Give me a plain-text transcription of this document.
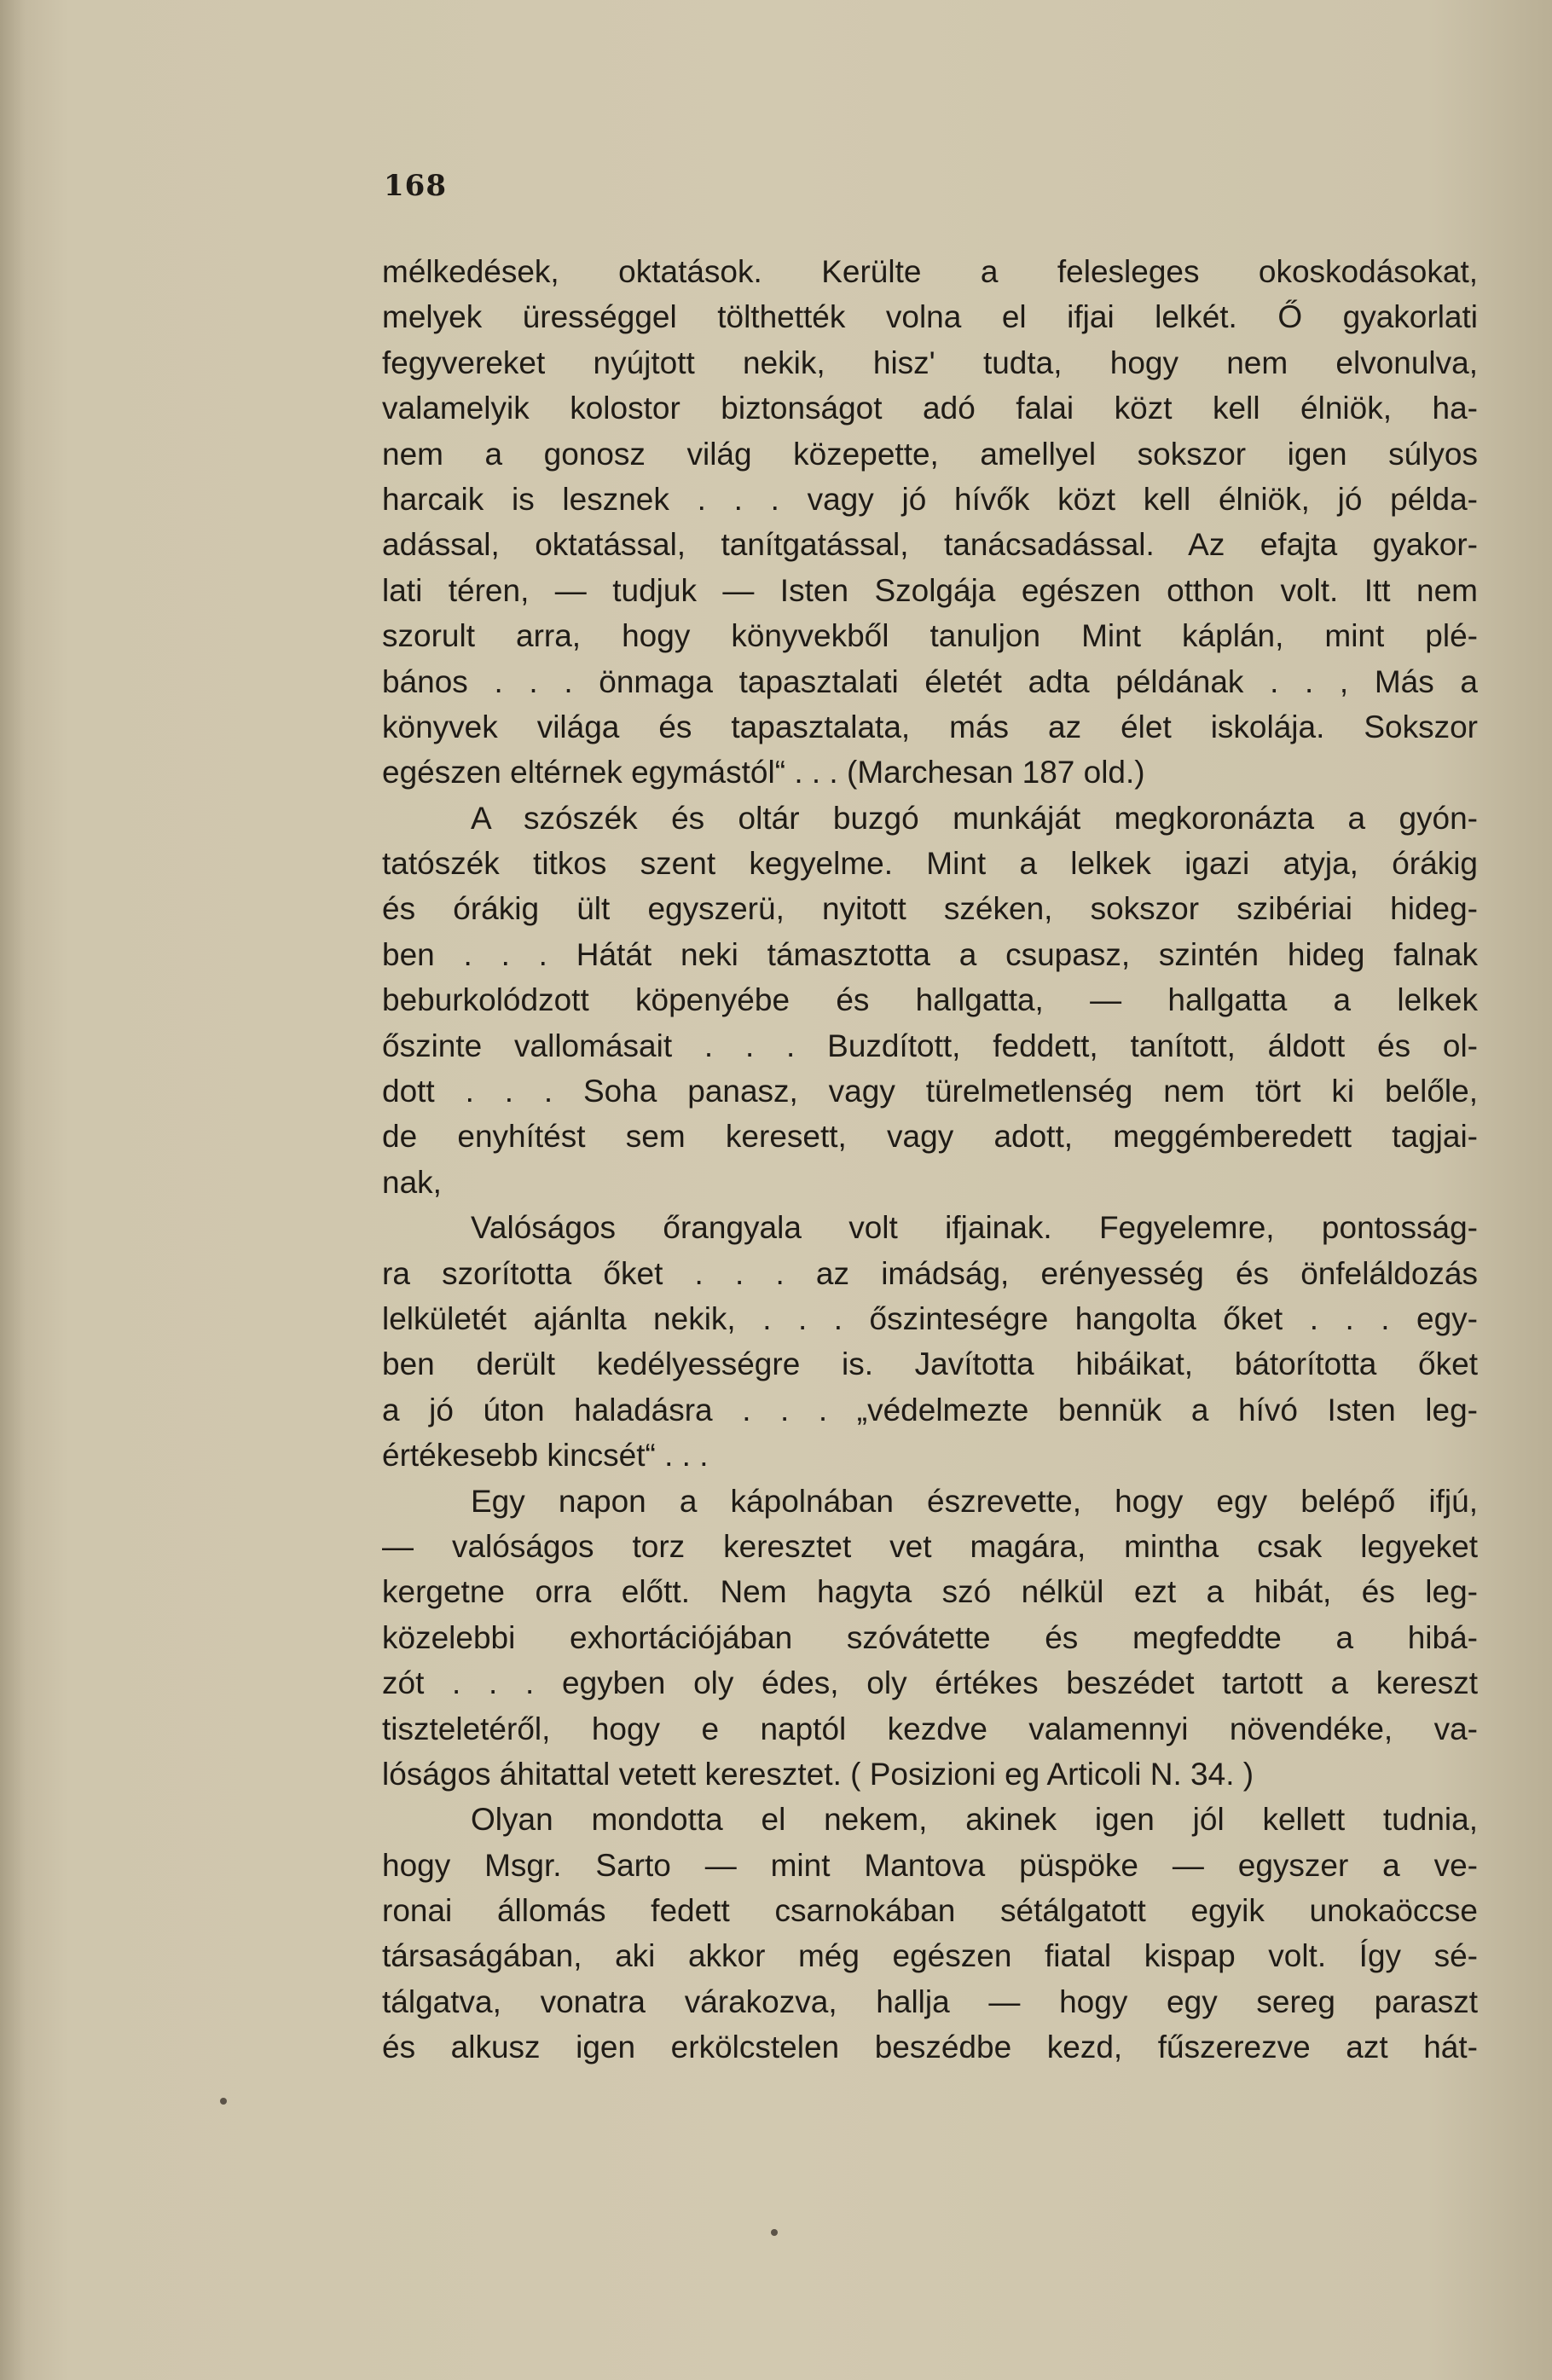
168
mélkedések, oktatások. Kerülte a felesleges okoskodásokat,
melyek ürességgel tölthették volna el ifjai lelkét. Ő gyakorlati
fegyvereket nyújtott nekik, hisz' tudta, hogy nem elvonulva,
valamelyik kolostor biztonságot adó falai közt kell élniök, ha-
nem a gonosz világ közepette, amellyel sokszor igen súlyos
harcaik is lesznek . . . vagy jó hívők közt kell élniök, jó példa-
adással, oktatással, tanítgatással, tanácsadással. Az efajta gyakor-
lati téren, — tudjuk — Isten Szolgája egészen otthon volt. Itt nem
szorult arra, hogy könyvekből tanuljon Mint káplán, mint plé-
bános . . . önmaga tapasztalati életét adta példának . . , Más a
könyvek világa és tapasztalata, más az élet iskolája. Sokszor
egészen eltérnek egymástól“ . . . (Marchesan 187 old.)
A szószék és oltár buzgó munkáját megkoronázta a gyón-
tatószék titkos szent kegyelme. Mint a lelkek igazi atyja, órákig
és órákig ült egyszerü, nyitott széken, sokszor szibériai hideg-
ben . . . Hátát neki támasztotta a csupasz, szintén hideg falnak
beburkolódzott köpenyébe és hallgatta, — hallgatta a lelkek
őszinte vallomásait . . . Buzdított, feddett, tanított, áldott és ol-
dott . . . Soha panasz, vagy türelmetlenség nem tört ki belőle,
de enyhítést sem keresett, vagy adott, meggémberedett tagjai-
nak,
Valóságos őrangyala volt ifjainak. Fegyelemre, pontosság-
ra szorította őket . . . az imádság, erényesség és önfeláldozás
lelkületét ajánlta nekik, . . . őszinteségre hangolta őket . . . egy-
ben derült kedélyességre is. Javította hibáikat, bátorította őket
a jó úton haladásra . . . „védelmezte bennük a hívó Isten leg-
értékesebb kincsét“ . . .
Egy napon a kápolnában észrevette, hogy egy belépő ifjú,
— valóságos torz keresztet vet magára, mintha csak legyeket
kergetne orra előtt. Nem hagyta szó nélkül ezt a hibát, és leg-
közelebbi exhortációjában szóvátette és megfeddte a hibá-
zót . . . egyben oly édes, oly értékes beszédet tartott a kereszt
tiszteletéről, hogy e naptól kezdve valamennyi növendéke, va-
lóságos áhitattal vetett keresztet. ( Posizioni eg Articoli N. 34. )
Olyan mondotta el nekem, akinek igen jól kellett tudnia,
hogy Msgr. Sarto — mint Mantova püspöke — egyszer a ve-
ronai állomás fedett csarnokában sétálgatott egyik unokaöccse
társaságában, aki akkor még egészen fiatal kispap volt. Így sé-
tálgatva, vonatra várakozva, hallja — hogy egy sereg paraszt
és alkusz igen erkölcstelen beszédbe kezd, fűszerezve azt hát-
